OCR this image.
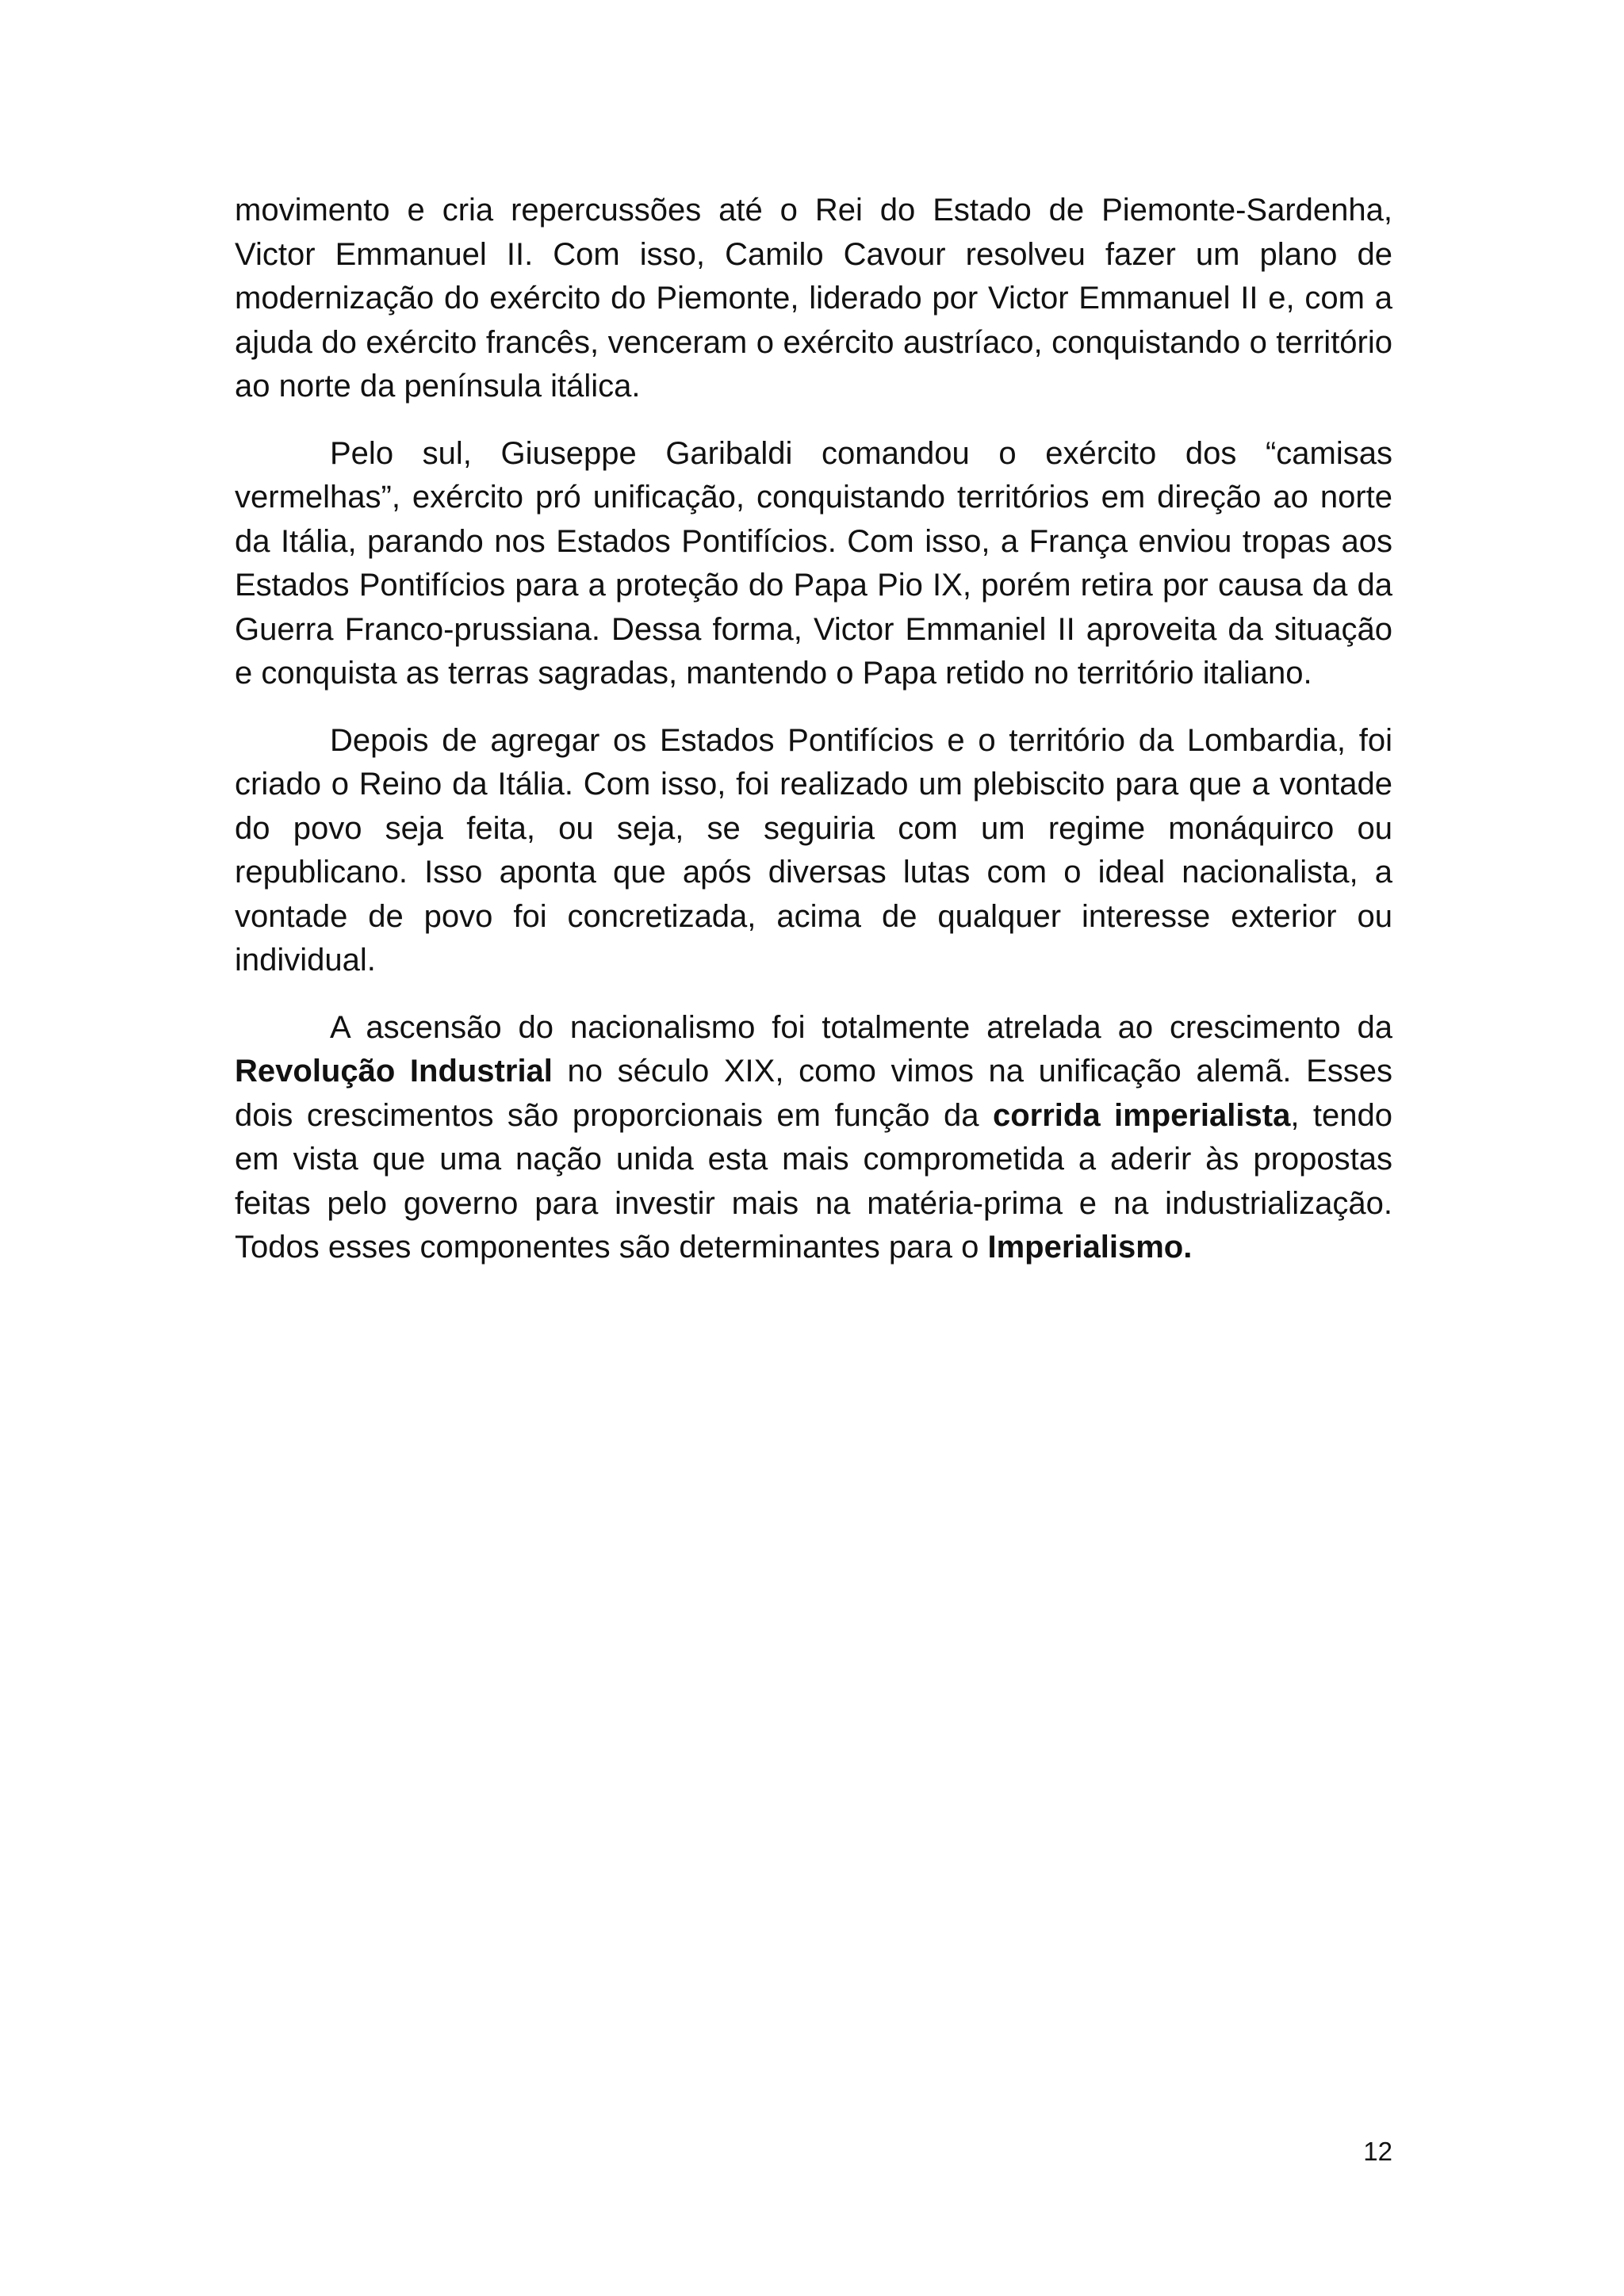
movimento e cria repercussões até o Rei do Estado de Piemonte-Sardenha, Victor Emmanuel II. Com isso, Camilo Cavour resolveu fazer um plano de modernização do exército do Piemonte, liderado por Victor Emmanuel II e, com a ajuda do exército francês, venceram o exército austríaco, conquistando o território ao norte da península itálica.

Pelo sul, Giuseppe Garibaldi comandou o exército dos “camisas vermelhas”, exército pró unificação, conquistando territórios em direção ao norte da Itália, parando nos Estados Pontifícios. Com isso, a França enviou tropas aos Estados Pontifícios para a proteção do Papa Pio IX, porém retira por causa da da Guerra Franco-prussiana. Dessa forma, Victor Emmaniel II aproveita da situação e conquista as terras sagradas, mantendo o Papa retido no território italiano.

Depois de agregar os Estados Pontifícios e o território da Lombardia, foi criado o Reino da Itália. Com isso, foi realizado um plebiscito para que a vontade do povo seja feita, ou seja, se seguiria com um regime monáquirco ou republicano. Isso aponta que após diversas lutas com o ideal nacionalista, a vontade de povo foi concretizada, acima de qualquer interesse exterior ou individual.

A ascensão do nacionalismo foi totalmente atrelada ao crescimento da Revolução Industrial no século XIX, como vimos na unificação alemã. Esses dois crescimentos são proporcionais em função da corrida imperialista, tendo em vista que uma nação unida esta mais comprometida a aderir às propostas feitas pelo governo para investir mais na matéria-prima e na industrialização. Todos esses componentes são determinantes para o Imperialismo.

12
